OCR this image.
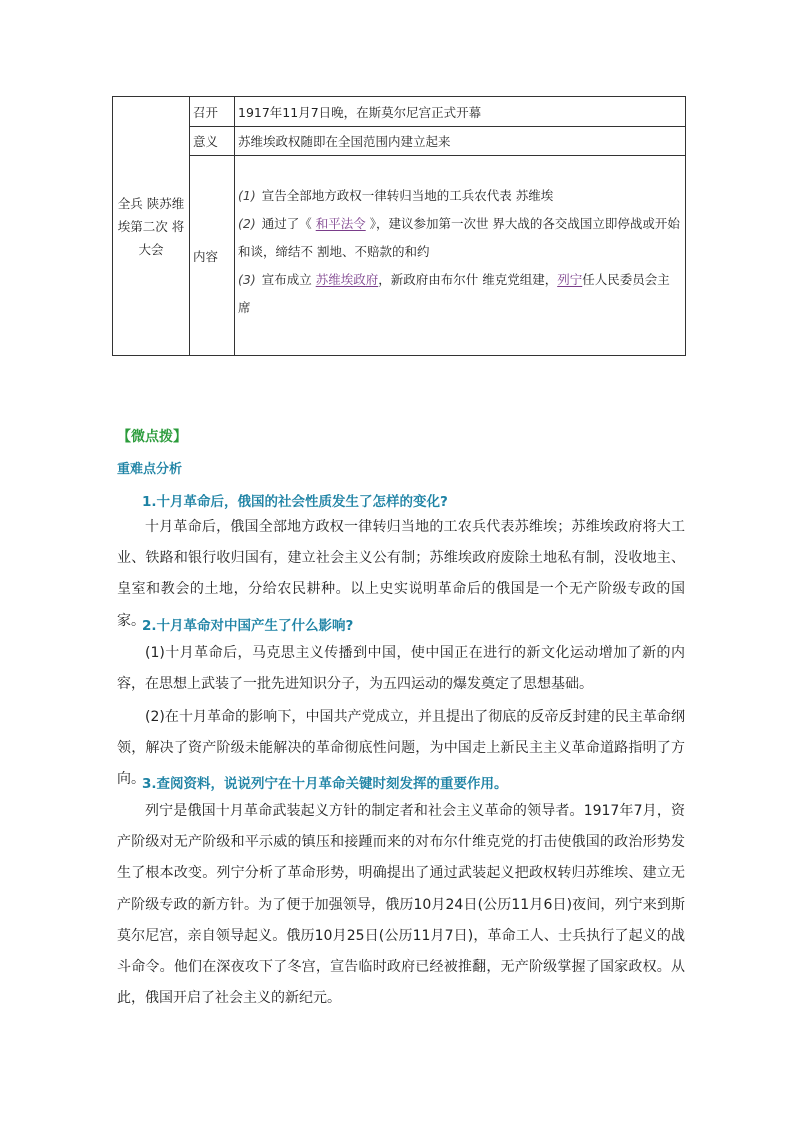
全兵 陕苏维埃第二次 将大会	召开	1917年11月7日晚，在斯莫尔尼宫正式开幕
	意义	苏维埃政权随即在全国范围内建立起来
	内容	(1) 宣告全部地方政权一律转归当地的工兵农代表 苏维埃
(2) 通过了《 和平法令 》，建议参加第一次世 界大战的各交战国立即停战或开始和谈，缔结不 割地、不赔款的和约
(3) 宣布成立 苏维埃政府，新政府由布尔什 维克党组建，列宁任人民委员会主席
【微点拨】
重难点分析
1.十月革命后，俄国的社会性质发生了怎样的变化?
十月革命后，俄国全部地方政权一律转归当地的工农兵代表苏维埃；苏维埃政府将大工业、铁路和银行收归国有，建立社会主义公有制；苏维埃政府废除土地私有制，没收地主、皇室和教会的土地，分给农民耕种。以上史实说明革命后的俄国是一个无产阶级专政的国家。
2.十月革命对中国产生了什么影响?
(1)十月革命后，马克思主义传播到中国，使中国正在进行的新文化运动增加了新的内容，在思想上武装了一批先进知识分子，为五四运动的爆发奠定了思想基础。
(2)在十月革命的影响下，中国共产党成立，并且提出了彻底的反帝反封建的民主革命纲领，解决了资产阶级未能解决的革命彻底性问题，为中国走上新民主主义革命道路指明了方向。
3.查阅资料，说说列宁在十月革命关键时刻发挥的重要作用。
列宁是俄国十月革命武装起义方针的制定者和社会主义革命的领导者。1917年7月，资产阶级对无产阶级和平示威的镇压和接踵而来的对布尔什维克党的打击使俄国的政治形势发生了根本改变。列宁分析了革命形势，明确提出了通过武装起义把政权转归苏维埃、建立无产阶级专政的新方针。为了便于加强领导，俄历10月24日(公历11月6日)夜间，列宁来到斯莫尔尼宫，亲自领导起义。俄历10月25日(公历11月7日)，革命工人、士兵执行了起义的战斗命令。他们在深夜攻下了冬宫，宣告临时政府已经被推翻，无产阶级掌握了国家政权。从此，俄国开启了社会主义的新纪元。
